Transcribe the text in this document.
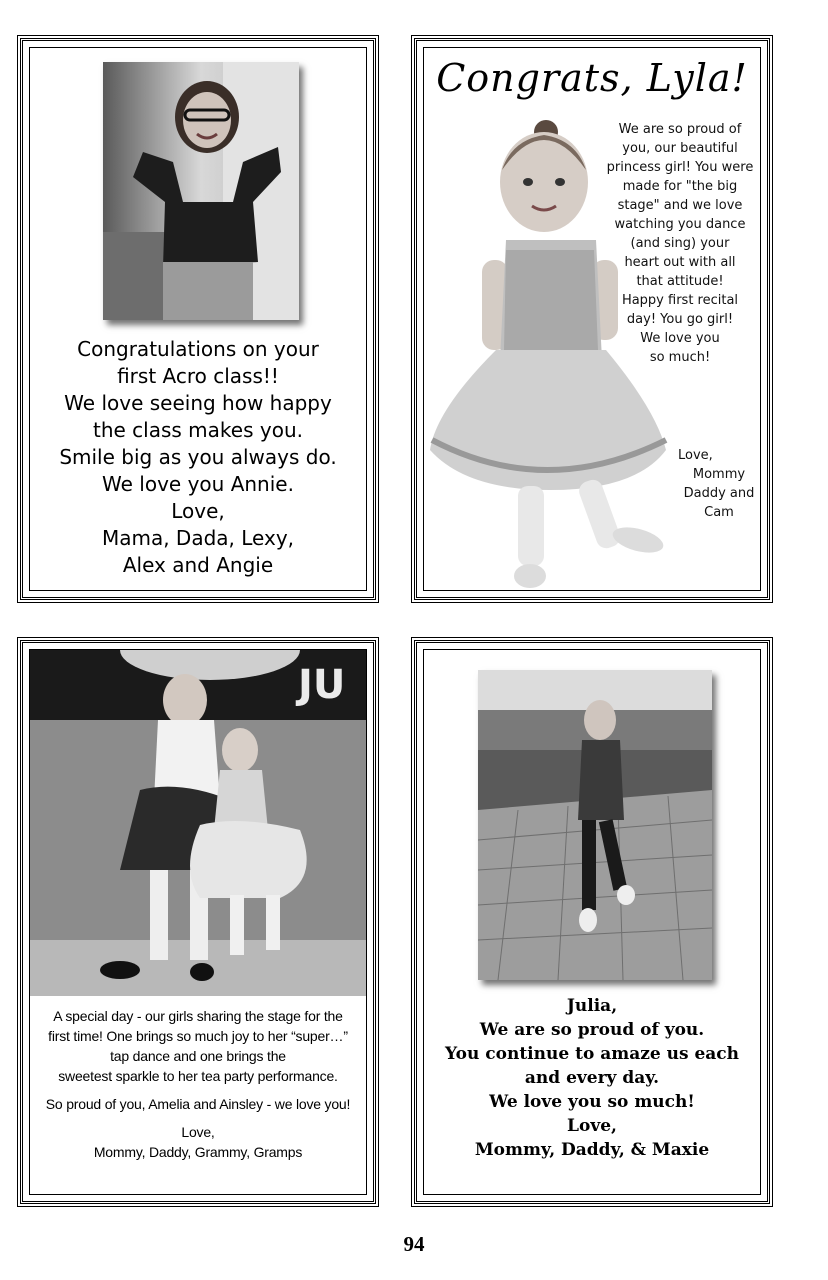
Congratulations on your
first Acro class!!
We love seeing how happy
the class makes you.
Smile big as you always do.
We love you Annie.
Love,
Mama, Dada, Lexy,
Alex and Angie
Congrats, Lyla!
We are so proud of
you, our beautiful
princess girl! You were
made for "the big
stage" and we love
watching you dance
(and sing) your
heart out with all
that attitude!
Happy first recital
day! You go girl!
We love you
so much!
Love,
Mommy
Daddy and
Cam
JU
A special day - our girls sharing the stage for the
first time! One brings so much joy to her “super…”
tap dance and one brings the
sweetest sparkle to her tea party performance.
So proud of you, Amelia and Ainsley - we love you!
Love,
Mommy, Daddy, Grammy, Gramps
Julia,
We are so proud of you.
You continue to amaze us each
and every day.
We love you so much!
Love,
Mommy, Daddy, & Maxie
94
